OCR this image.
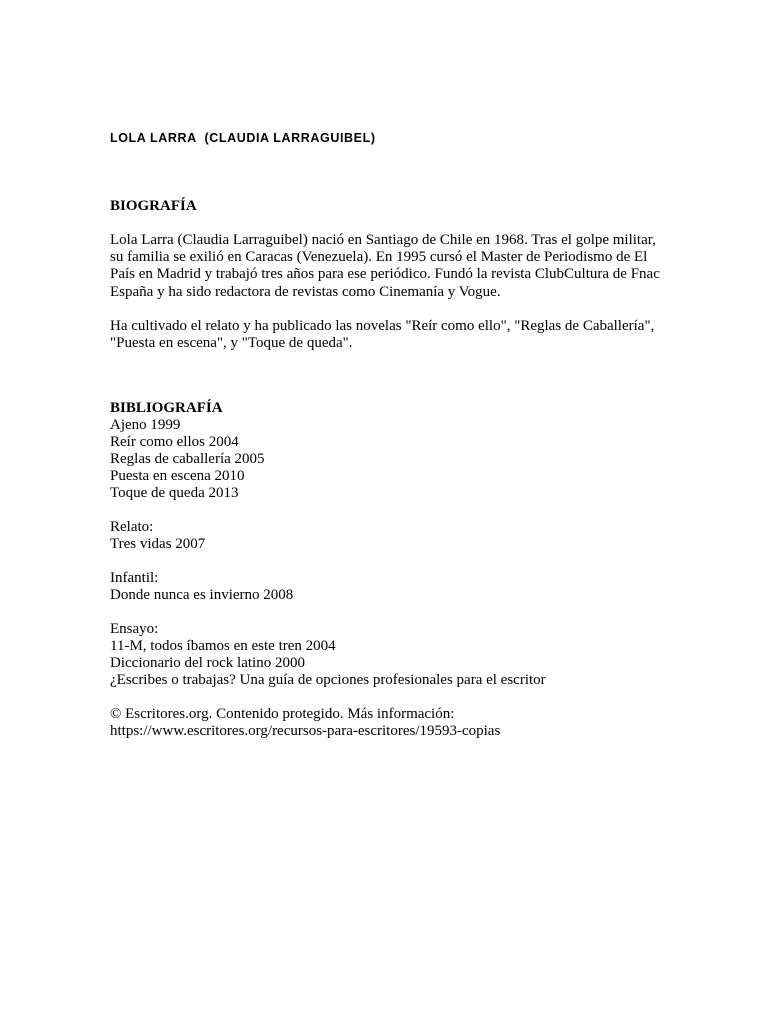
LOLA LARRA  (CLAUDIA LARRAGUIBEL)

BIOGRAFÍA

Lola Larra (Claudia Larraguibel) nació en Santiago de Chile en 1968. Tras el golpe militar, su familia se exilió en Caracas (Venezuela). En 1995 cursó el Master de Periodismo de El País en Madrid y trabajó tres años para ese periódico. Fundó la revista ClubCultura de Fnac España y ha sido redactora de revistas como Cinemanía y Vogue.

Ha cultivado el relato y ha publicado las novelas "Reír como ello", "Reglas de Caballería", "Puesta en escena", y "Toque de queda".

BIBLIOGRAFÍA

Ajeno 1999
Reír como ellos 2004
Reglas de caballería 2005
Puesta en escena 2010
Toque de queda 2013
Relato:
Tres vidas 2007
Infantil:
Donde nunca es invierno 2008
Ensayo:
11-M, todos íbamos en este tren 2004
Diccionario del rock latino 2000
¿Escribes o trabajas? Una guía de opciones profesionales para el escritor
© Escritores.org. Contenido protegido. Más información:
https://www.escritores.org/recursos-para-escritores/19593-copias
